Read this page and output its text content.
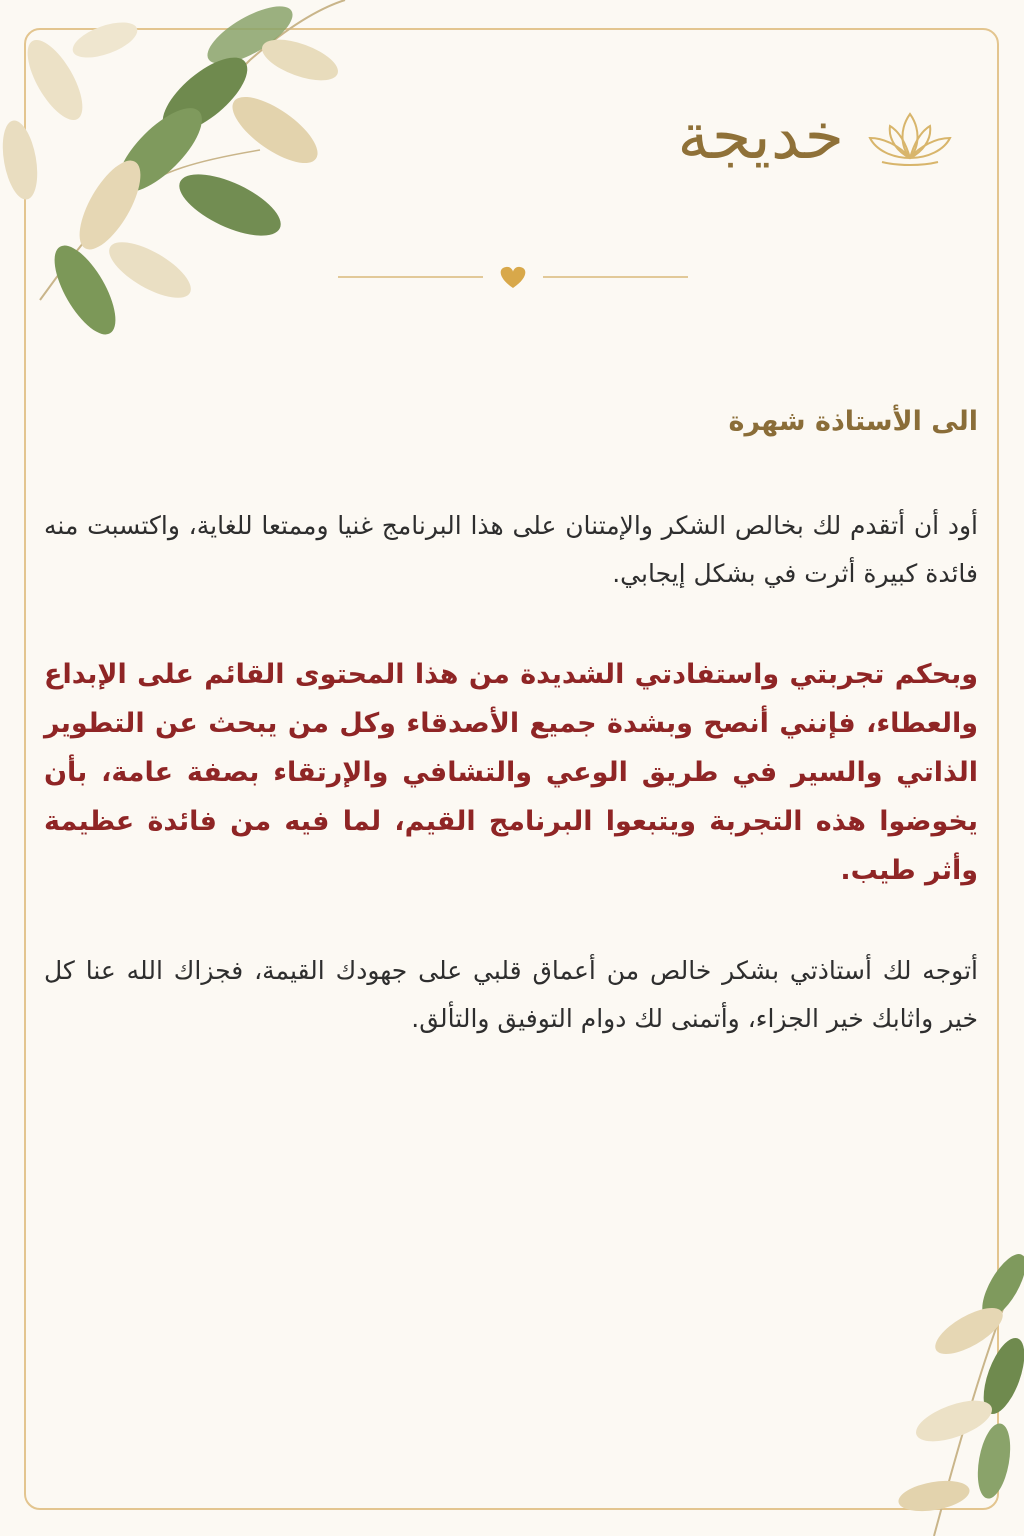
خديجة

الى الأستاذة شهرة

أود أن أتقدم لك بخالص الشكر والإمتنان على هذا البرنامج غنيا وممتعا للغاية، واكتسبت منه فائدة كبيرة أثرت في بشكل إيجابي.

وبحكم تجربتي واستفادتي الشديدة من هذا المحتوى القائم على الإبداع والعطاء، فإنني أنصح وبشدة جميع الأصدقاء وكل من يبحث عن التطوير الذاتي والسير في طريق الوعي والتشافي والإرتقاء بصفة عامة، بأن يخوضوا هذه التجربة ويتبعوا البرنامج القيم، لما فيه من فائدة عظيمة وأثر طيب.

أتوجه لك أستاذتي بشكر خالص من أعماق قلبي على جهودك القيمة، فجزاك الله عنا كل خير واثابك خير الجزاء، وأتمنى لك دوام التوفيق والتألق.
